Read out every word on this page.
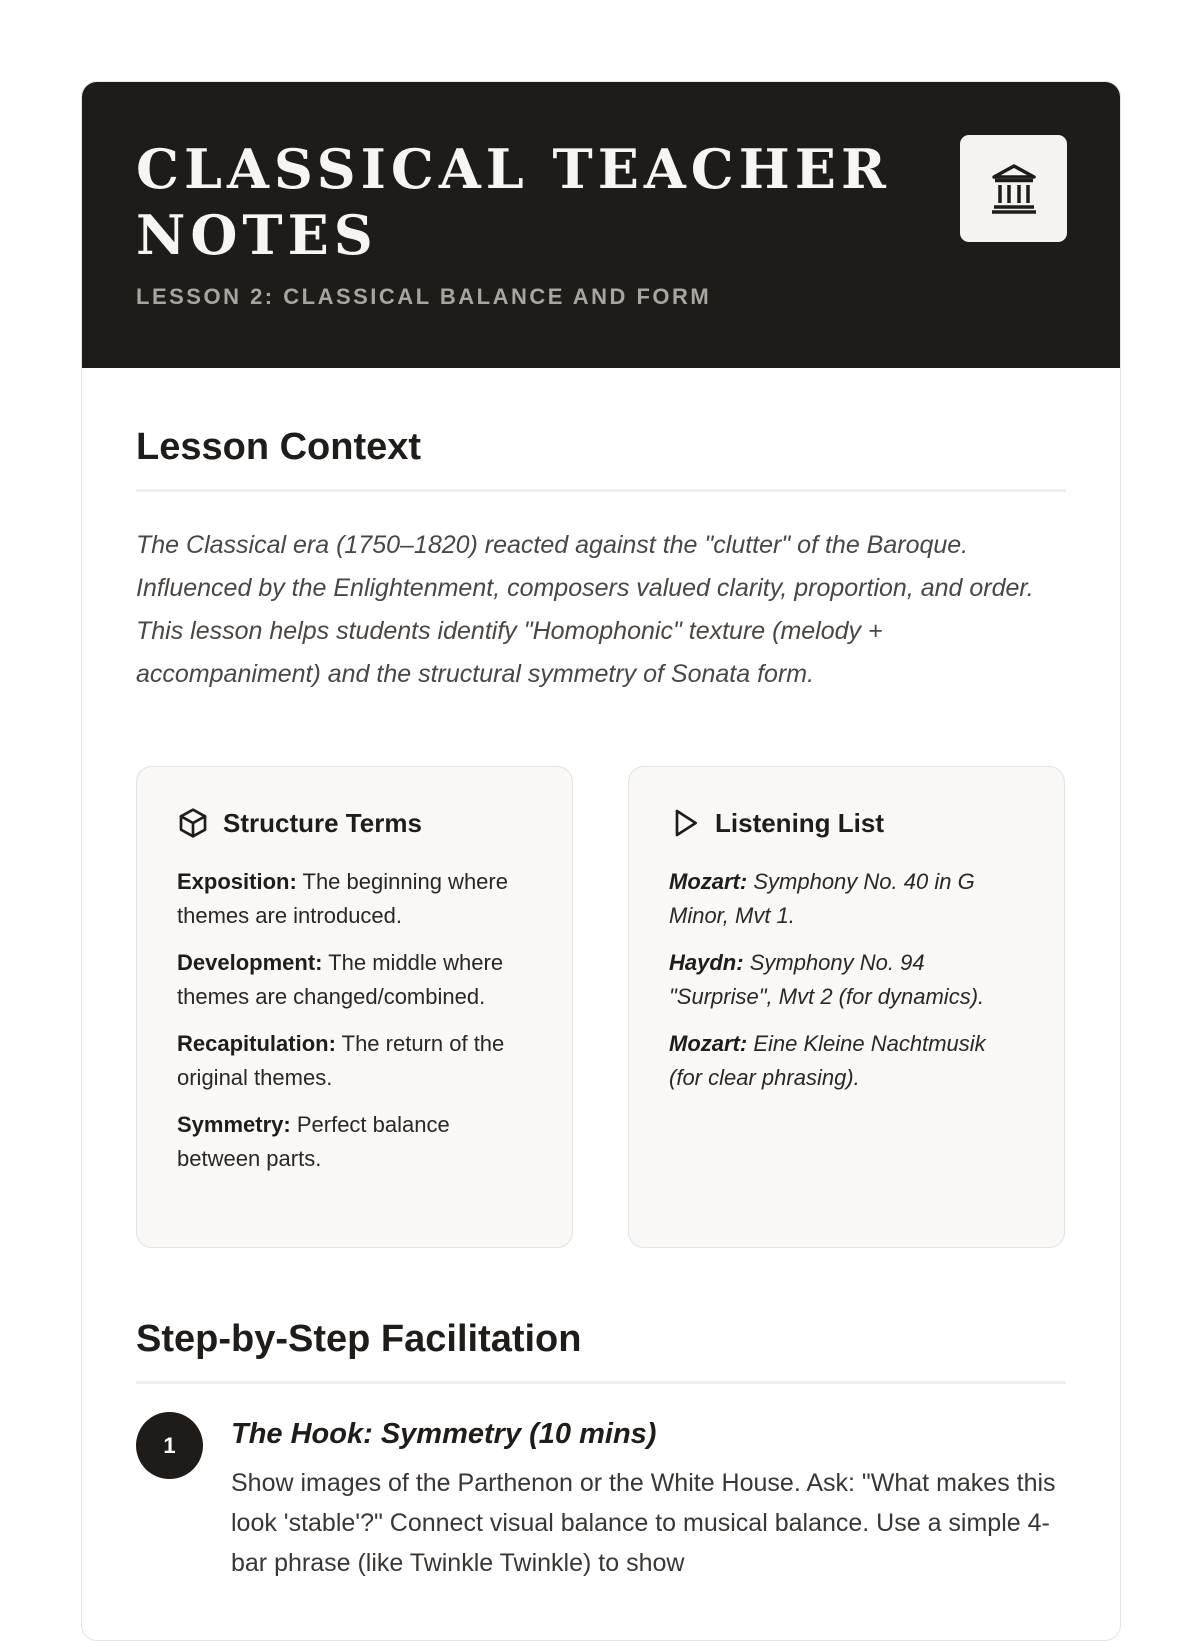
CLASSICAL TEACHER NOTES
LESSON 2: CLASSICAL BALANCE AND FORM
Lesson Context

The Classical era (1750–1820) reacted against the "clutter" of the Baroque. Influenced by the Enlightenment, composers valued clarity, proportion, and order. This lesson helps students identify "Homophonic" texture (melody + accompaniment) and the structural symmetry of Sonata form.

Structure Terms
Exposition: The beginning where themes are introduced.
Development: The middle where themes are changed/combined.
Recapitulation: The return of the original themes.
Symmetry: Perfect balance between parts.
Listening List
Mozart: Symphony No. 40 in G Minor, Mvt 1.
Haydn: Symphony No. 94 "Surprise", Mvt 2 (for dynamics).
Mozart: Eine Kleine Nachtmusik (for clear phrasing).
Step-by-Step Facilitation
1	The Hook: Symmetry (10 mins)
Show images of the Parthenon or the White House. Ask: "What makes this look 'stable'?" Connect visual balance to musical balance. Use a simple 4-bar phrase (like Twinkle Twinkle) to show
